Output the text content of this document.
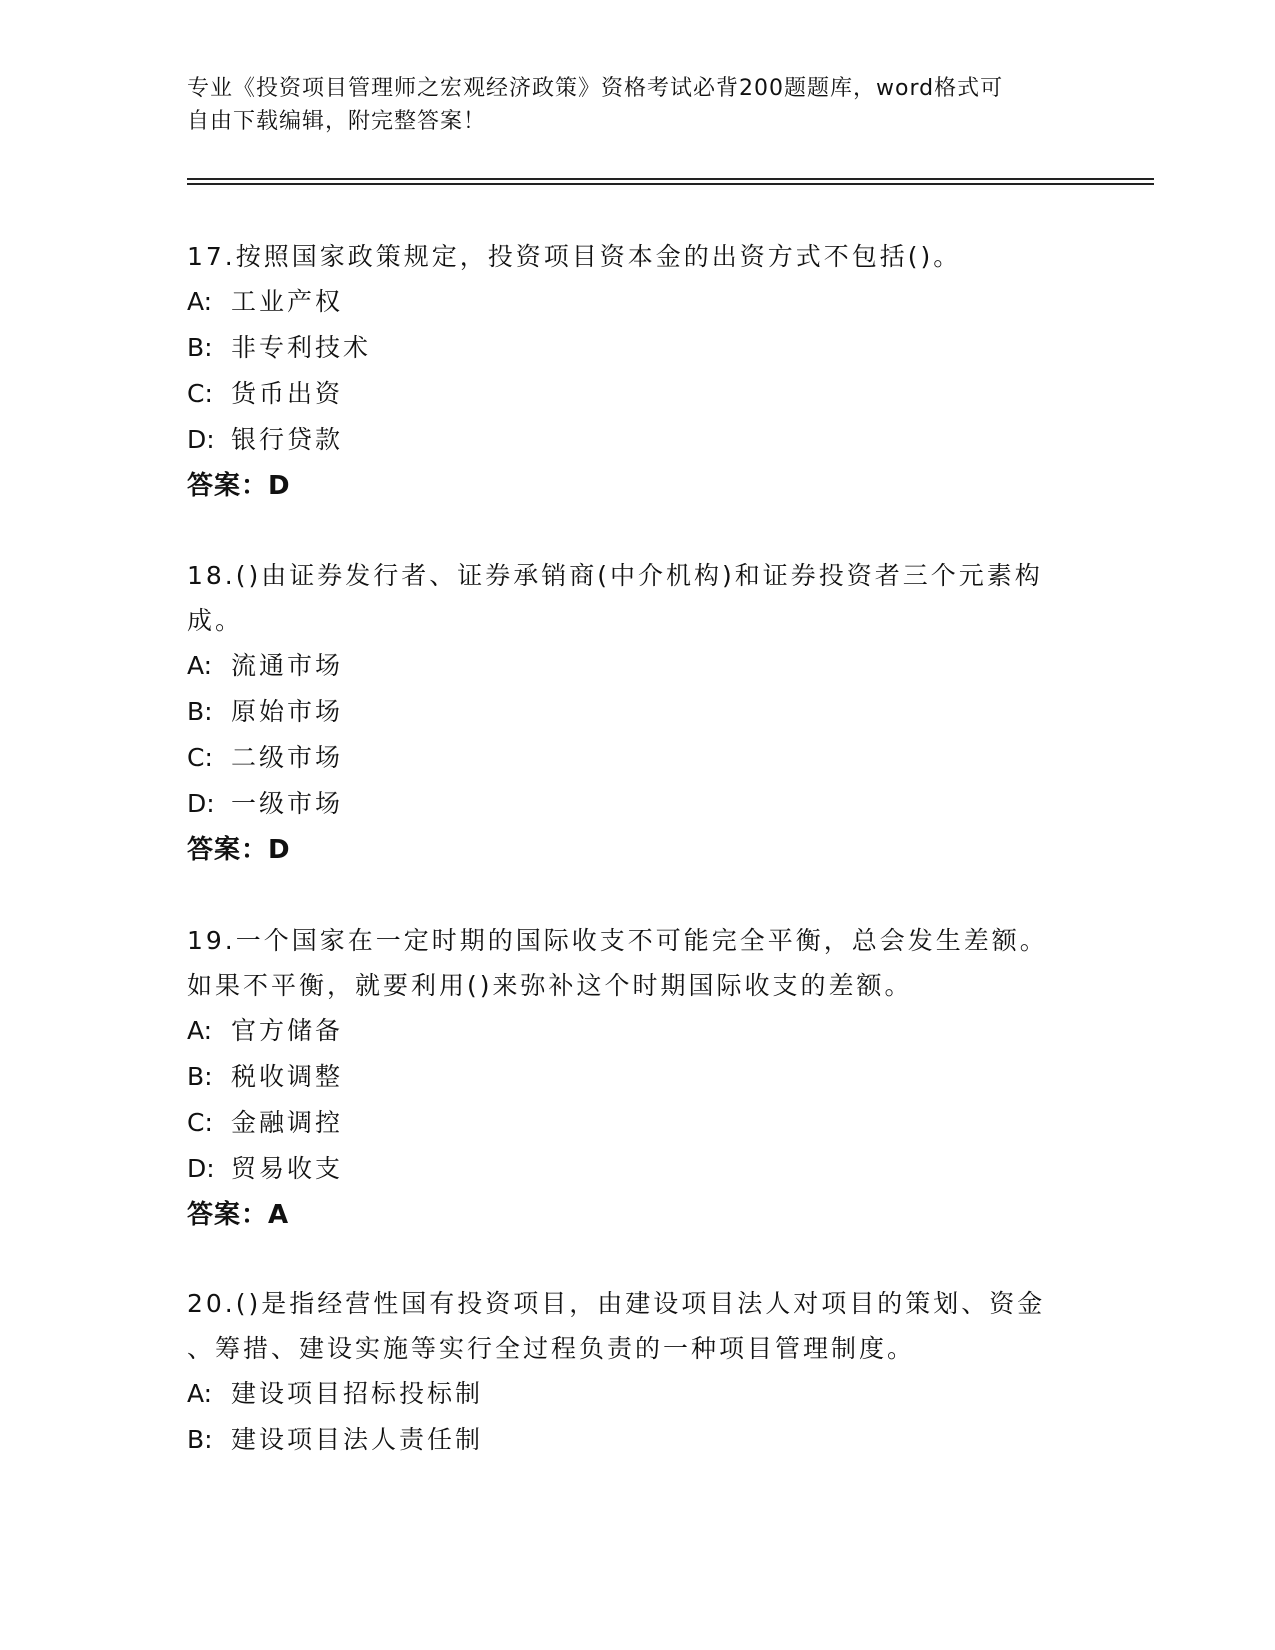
专业《投资项目管理师之宏观经济政策》资格考试必背200题题库，word格式可
自由下载编辑，附完整答案！
17.按照国家政策规定，投资项目资本金的出资方式不包括()。
A: 工业产权
B: 非专利技术
C: 货币出资
D: 银行贷款
答案：D
18.()由证券发行者、证券承销商(中介机构)和证券投资者三个元素构
成。
A: 流通市场
B: 原始市场
C: 二级市场
D: 一级市场
答案：D
19.一个国家在一定时期的国际收支不可能完全平衡，总会发生差额。
如果不平衡，就要利用()来弥补这个时期国际收支的差额。
A: 官方储备
B: 税收调整
C: 金融调控
D: 贸易收支
答案：A
20.()是指经营性国有投资项目，由建设项目法人对项目的策划、资金
、筹措、建设实施等实行全过程负责的一种项目管理制度。
A: 建设项目招标投标制
B: 建设项目法人责任制
